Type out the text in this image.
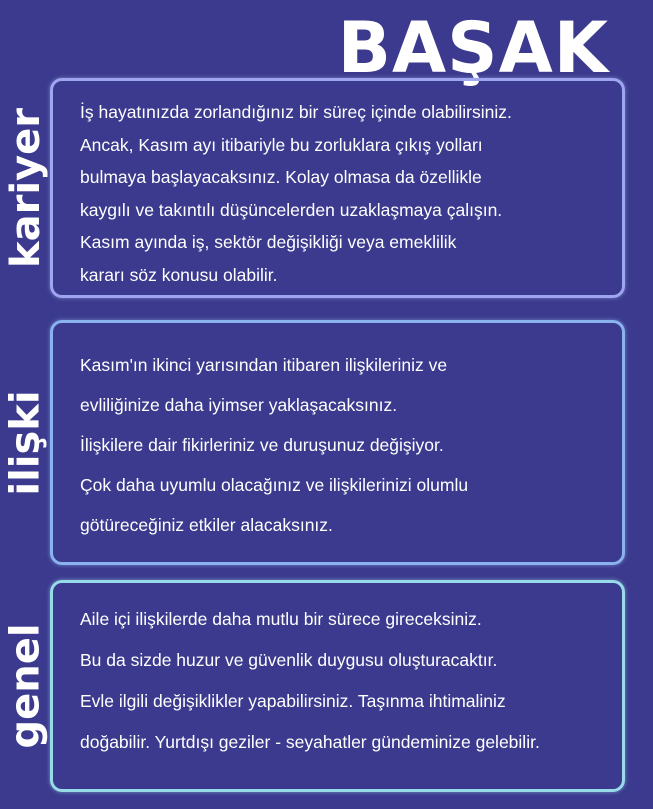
BAŞAK
kariyer İş hayatınızda zorlandığınız bir süreç içinde olabilirsiniz.
Ancak, Kasım ayı itibariyle bu zorluklara çıkış yolları
bulmaya başlayacaksınız. Kolay olmasa da özellikle
kaygılı ve takıntılı düşüncelerden uzaklaşmaya çalışın.
Kasım ayında iş, sektör değişikliği veya emeklilik
kararı söz konusu olabilir.
ilişki
Kasım'ın ikinci yarısından itibaren ilişkileriniz ve
evliliğinize daha iyimser yaklaşacaksınız.
İlişkilere dair fikirleriniz ve duruşunuz değişiyor.
Çok daha uyumlu olacağınız ve ilişkilerinizi olumlu
götüreceğiniz etkiler alacaksınız.
genel
Aile içi ilişkilerde daha mutlu bir sürece gireceksiniz.
Bu da sizde huzur ve güvenlik duygusu oluşturacaktır.
Evle ilgili değişiklikler yapabilirsiniz. Taşınma ihtimaliniz
doğabilir. Yurtdışı geziler - seyahatler gündeminize gelebilir.
